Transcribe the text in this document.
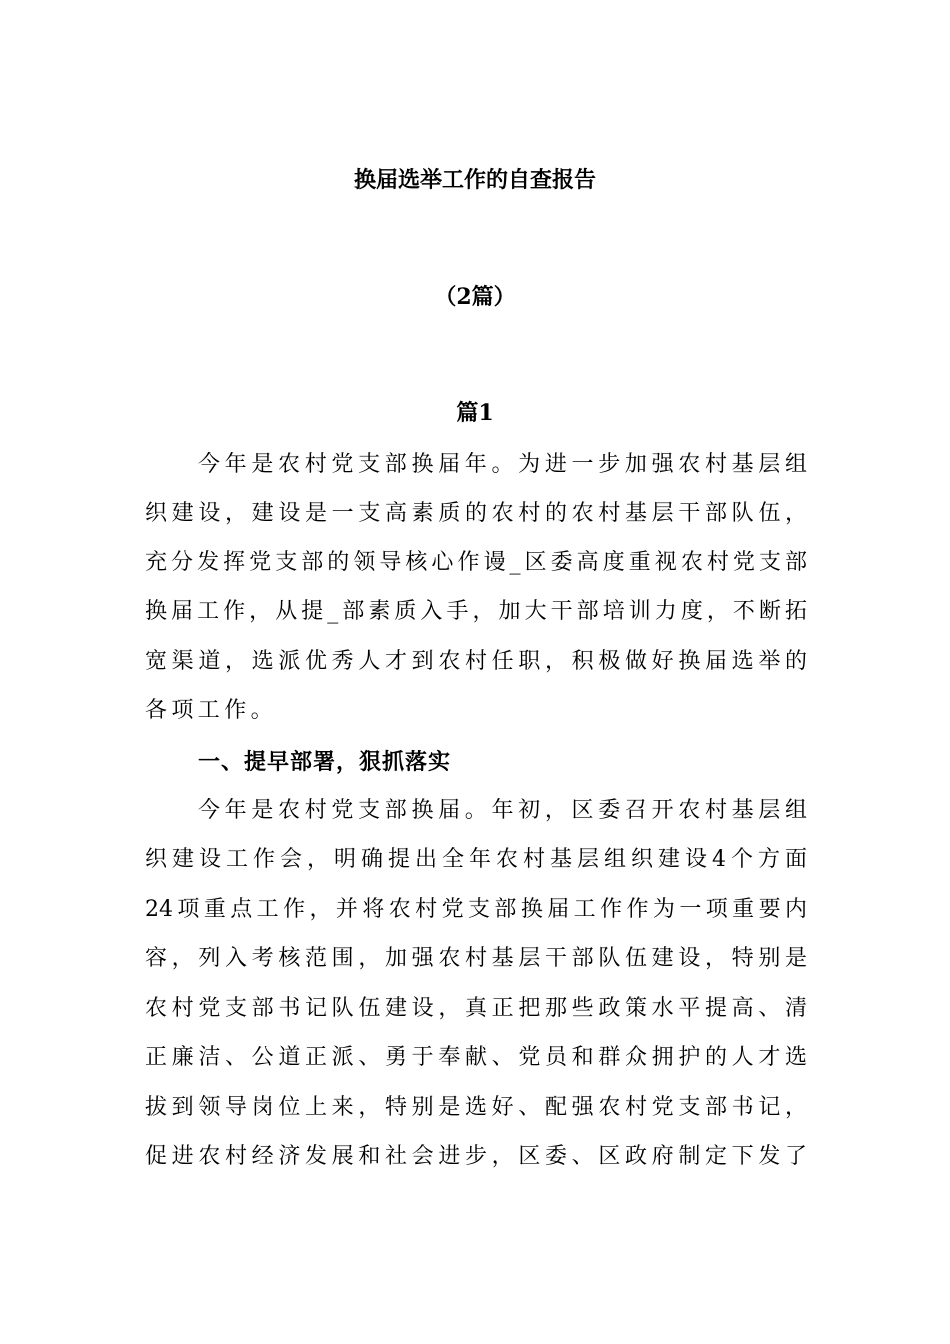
换届选举工作的自查报告
（2篇）
篇1
今年是农村党支部换届年。为进一步加强农村基层组
织建设，建设是一支高素质的农村的农村基层干部队伍，
充分发挥党支部的领导核心作谩_区委高度重视农村党支部
换届工作，从提_部素质入手，加大干部培训力度，不断拓
宽渠道，选派优秀人才到农村任职，积极做好换届选举的
各项工作。
一、提早部署，狠抓落实
今年是农村党支部换届。年初，区委召开农村基层组
织建设工作会，明确提出全年农村基层组织建设4个方面
24项重点工作，并将农村党支部换届工作作为一项重要内
容，列入考核范围，加强农村基层干部队伍建设，特别是
农村党支部书记队伍建设，真正把那些政策水平提高、清
正廉洁、公道正派、勇于奉献、党员和群众拥护的人才选
拔到领导岗位上来，特别是选好、配强农村党支部书记，
促进农村经济发展和社会进步，区委、区政府制定下发了
